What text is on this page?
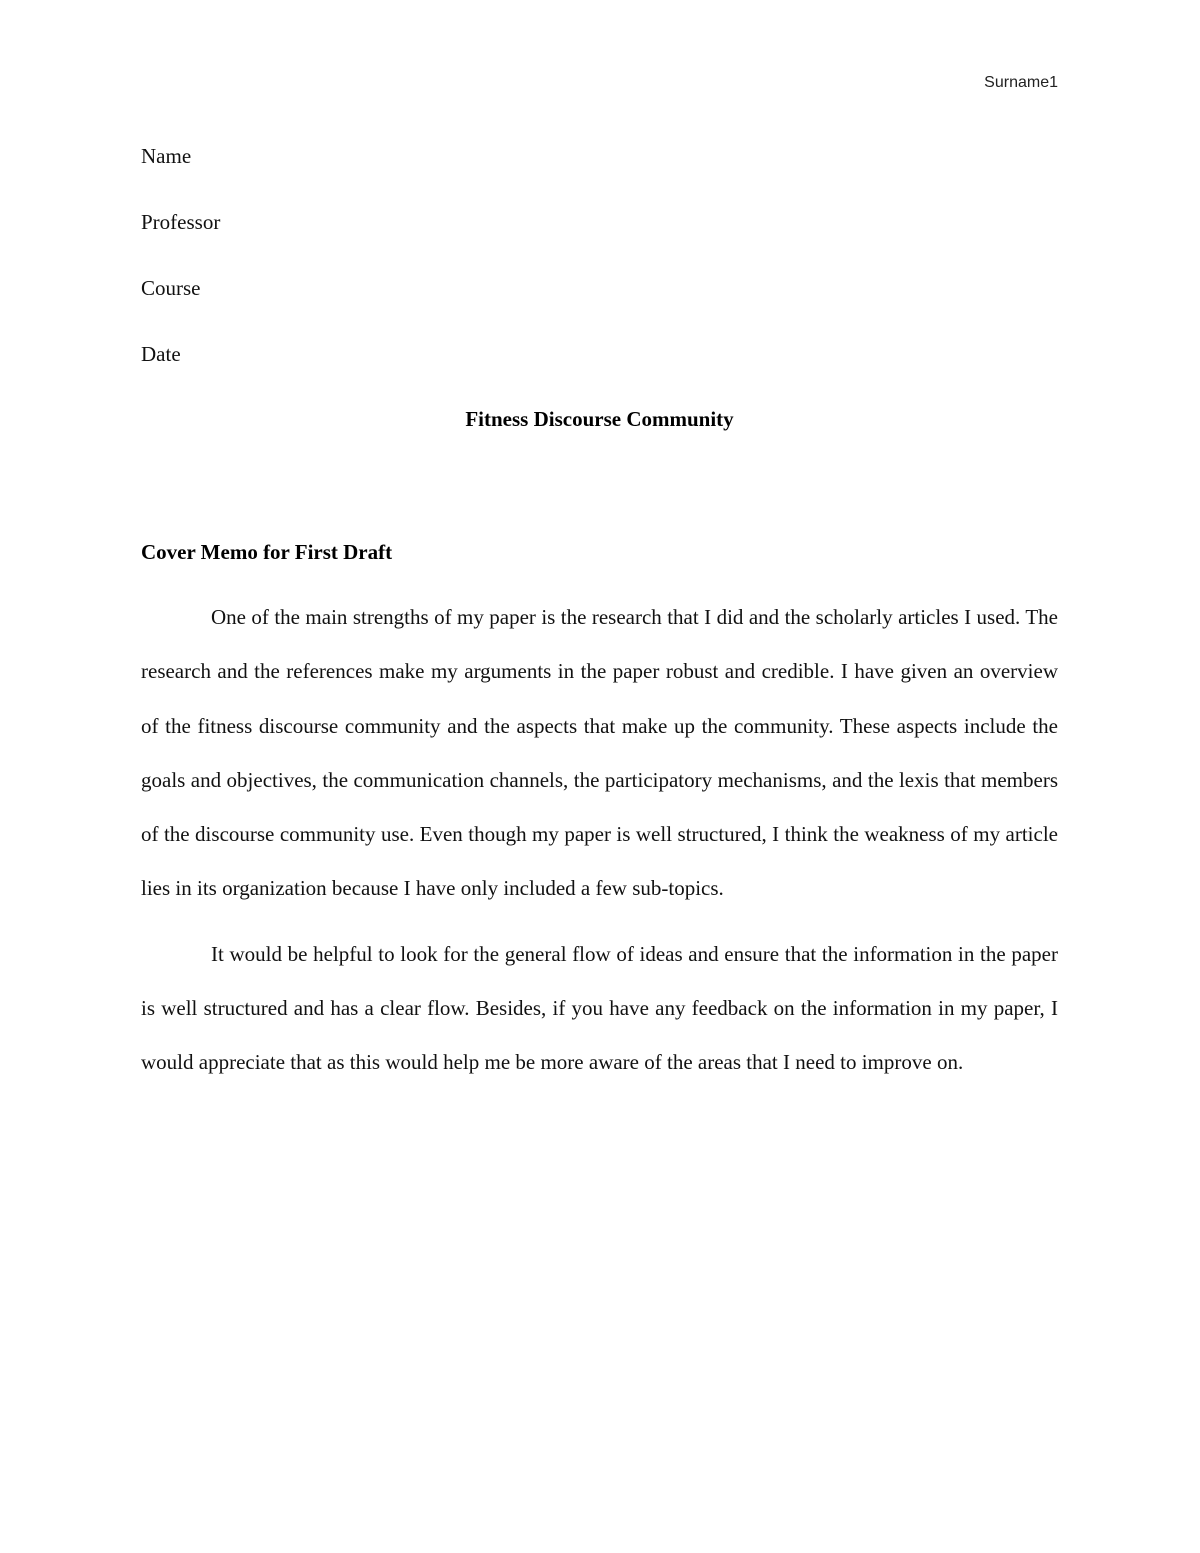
Surname1
Name
Professor
Course
Date
Fitness Discourse Community
Cover Memo for First Draft

One of the main strengths of my paper is the research that I did and the scholarly articles I used. The research and the references make my arguments in the paper robust and credible. I have given an overview of the fitness discourse community and the aspects that make up the community. These aspects include the goals and objectives, the communication channels, the participatory mechanisms, and the lexis that members of the discourse community use. Even though my paper is well structured, I think the weakness of my article lies in its organization because I have only included a few sub-topics.

It would be helpful to look for the general flow of ideas and ensure that the information in the paper is well structured and has a clear flow. Besides, if you have any feedback on the information in my paper, I would appreciate that as this would help me be more aware of the areas that I need to improve on.
